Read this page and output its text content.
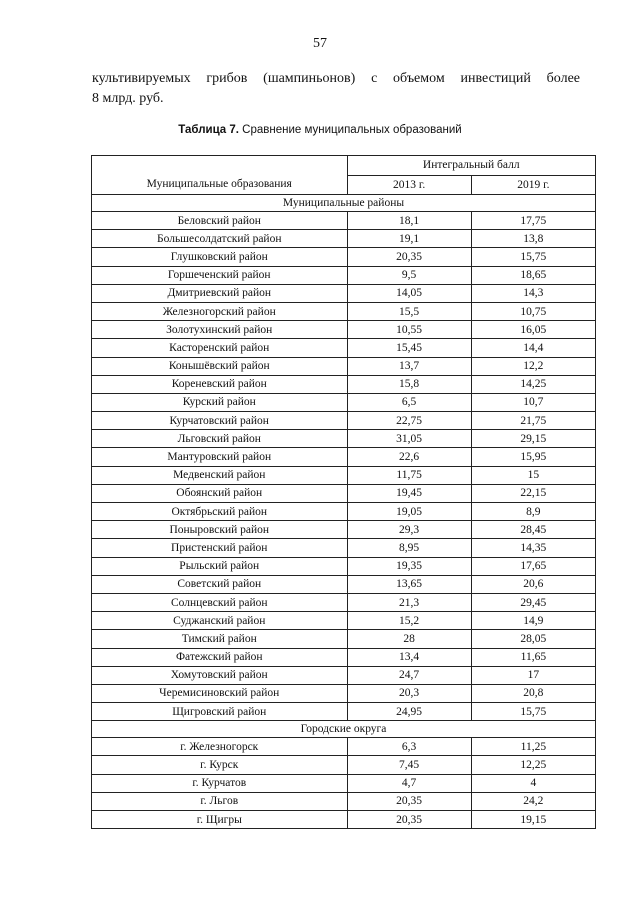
57
культивируемых грибов (шампиньонов) с объемом инвестиций более
8 млрд. руб.
Таблица 7. Сравнение муниципальных образований
Муниципальные образования	Интегральный балл	
	2013 г.	2019 г.
Муниципальные районы		
Беловский район	18,1	17,75
Большесолдатский район	19,1	13,8
Глушковский район	20,35	15,75
Горшеченский район	9,5	18,65
Дмитриевский район	14,05	14,3
Железногорский район	15,5	10,75
Золотухинский район	10,55	16,05
Касторенский район	15,45	14,4
Конышёвский район	13,7	12,2
Кореневский район	15,8	14,25
Курский район	6,5	10,7
Курчатовский район	22,75	21,75
Льговский район	31,05	29,15
Мантуровский район	22,6	15,95
Медвенский район	11,75	15
Обоянский район	19,45	22,15
Октябрьский район	19,05	8,9
Поныровский район	29,3	28,45
Пристенский район	8,95	14,35
Рыльский район	19,35	17,65
Советский район	13,65	20,6
Солнцевский район	21,3	29,45
Суджанский район	15,2	14,9
Тимский район	28	28,05
Фатежский район	13,4	11,65
Хомутовский район	24,7	17
Черемисиновский район	20,3	20,8
Щигровский район	24,95	15,75
Городские округа		
г. Железногорск	6,3	11,25
г. Курск	7,45	12,25
г. Курчатов	4,7	4
г. Льгов	20,35	24,2
г. Щигры	20,35	19,15
